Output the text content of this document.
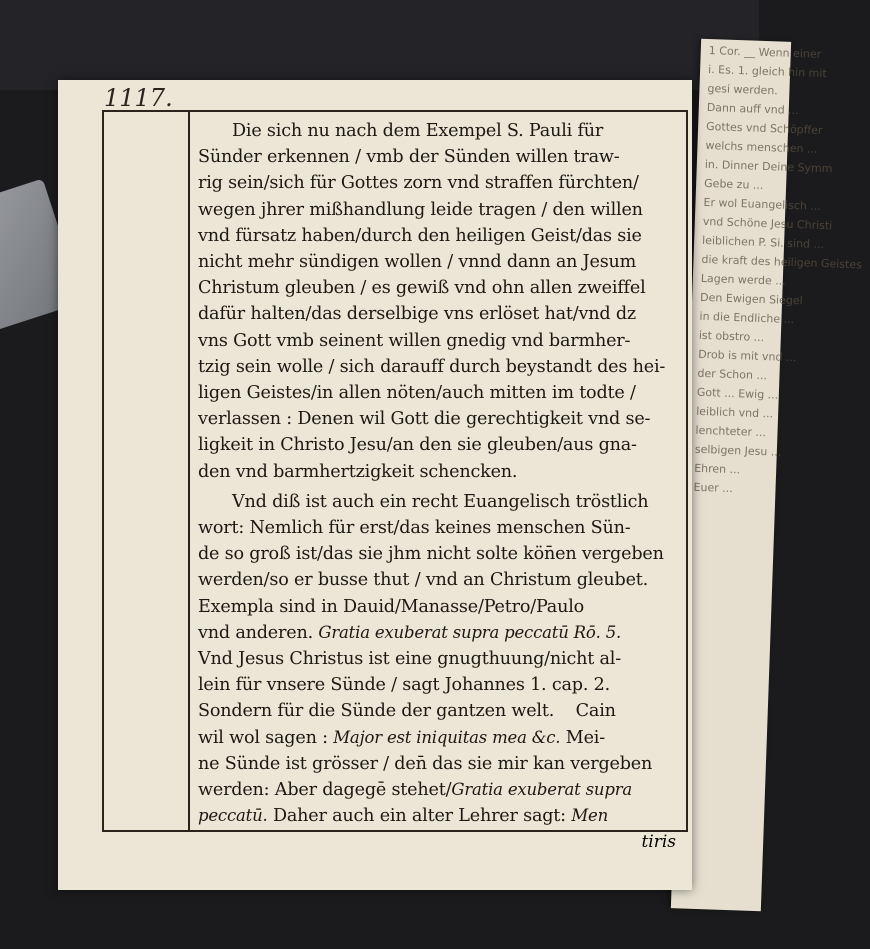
1 Cor. __ Wenn einer
i. Es. 1. gleich hin mit
gesi werden.
Dann auff vnd ...
Gottes vnd Schöpffer
welchs menschen ...
in. Dinner Deine Symm
Gebe zu ...
Er wol Euangelisch ...
vnd Schöne Jesu Christi
leiblichen P. Si. sind ...
die kraft des heiligen Geistes
Lagen werde ...
Den Ewigen Siegel
in die Endliche ...
ist obstro ...
Drob is mit vnd ...
der Schon ...
Gott ... Ewig ...
leiblich vnd ...
lenchteter ...
selbigen Jesu ...
Ehren ...
Euer ...
1117.
Die sich nu nach dem Exempel S. Pauli für
Sünder erkennen / vmb der Sünden willen traw-
rig sein/sich für Gottes zorn vnd straffen fürchten/
wegen jhrer mißhandlung leide tragen / den willen
vnd fürsatz haben/durch den heiligen Geist/das sie
nicht mehr sündigen wollen / vnnd dann an Jesum
Christum gleuben / es gewiß vnd ohn allen zweiffel
dafür halten/das derselbige vns erlöset hat/vnd dz
vns Gott vmb seinent willen gnedig vnd barmher-
tzig sein wolle / sich darauff durch beystandt des hei-
ligen Geistes/in allen nöten/auch mitten im todte /
verlassen : Denen wil Gott die gerechtigkeit vnd se-
ligkeit in Christo Jesu/an den sie gleuben/aus gna-
den vnd barmhertzigkeit schencken.
Vnd diß ist auch ein recht Euangelisch tröstlich
wort: Nemlich für erst/das keines menschen Sün-
de so groß ist/das sie jhm nicht solte kön̄en vergeben
werden/so er busse thut / vnd an Christum gleubet.
Exempla sind in Dauid/Manasse/Petro/Paulo
vnd anderen. Gratia exuberat supra peccatū Rō. 5.
Vnd Jesus Christus ist eine gnugthuung/nicht al-
lein für vnsere Sünde / sagt Johannes 1. cap. 2.
Sondern für die Sünde der gantzen welt.    Cain
wil wol sagen : Major est iniquitas mea &c. Mei-
ne Sünde ist grösser / den̄ das sie mir kan vergeben
werden: Aber dagegē stehet/Gratia exuberat supra
peccatū. Daher auch ein alter Lehrer sagt: Men
tiris
